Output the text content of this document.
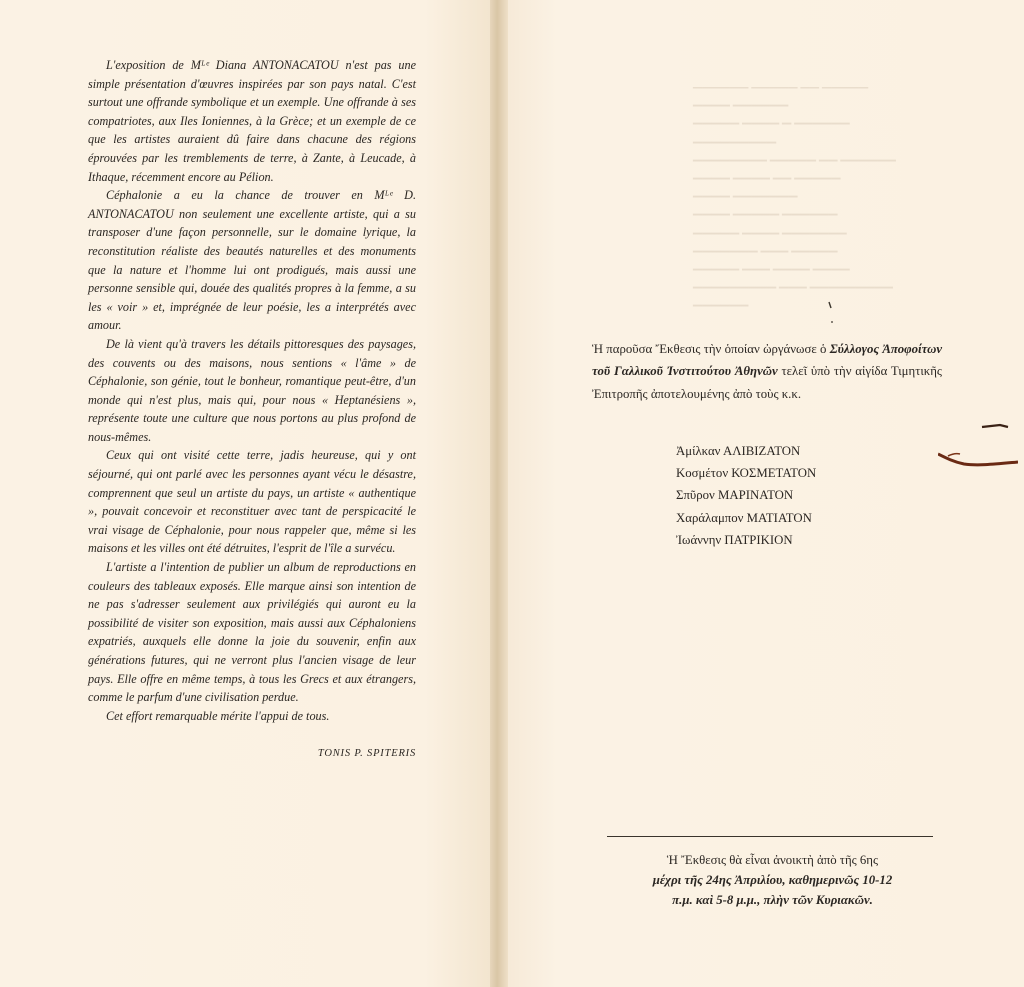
▔▔▔▔▔▔ ▔▔▔▔▔ ▔▔ ▔▔▔▔▔
▔▔▔▔ ▔▔▔▔▔▔
▔▔▔▔▔ ▔▔▔▔ ▔ ▔▔▔▔▔▔
▔▔▔▔▔▔▔▔▔
▔▔▔▔▔▔▔▔ ▔▔▔▔▔ ▔▔ ▔▔▔▔▔▔
▔▔▔▔ ▔▔▔▔ ▔▔ ▔▔▔▔▔
▔▔▔▔ ▔▔▔▔▔▔▔
▔▔▔▔ ▔▔▔▔▔ ▔▔▔▔▔▔
▔▔▔▔▔ ▔▔▔▔ ▔▔▔▔▔▔▔
▔▔▔▔▔▔▔ ▔▔▔ ▔▔▔▔▔
▔▔▔▔▔ ▔▔▔ ▔▔▔▔ ▔▔▔▔
▔▔▔▔▔▔▔▔▔ ▔▔▔ ▔▔▔▔▔▔▔▔▔
▔▔▔▔▔▔

L'exposition de Mᴸᵉ Diana ANTONACATOU n'est pas une simple présentation d'œuvres inspirées par son pays natal. C'est surtout une offrande symbolique et un exemple. Une offrande à ses compatriotes, aux Iles Ioniennes, à la Grèce; et un exemple de ce que les artistes auraient dû faire dans chacune des régions éprouvées par les tremblements de terre, à Zante, à Leucade, à Ithaque, récemment encore au Pélion.

Céphalonie a eu la chance de trouver en Mᴸᵉ D. ANTONACATOU non seulement une excellente artiste, qui a su transposer d'une façon personnelle, sur le domaine lyrique, la reconstitution réaliste des beautés naturelles et des monuments que la nature et l'homme lui ont prodigués, mais aussi une personne sensible qui, douée des qualités propres à la femme, a su les « voir » et, imprégnée de leur poésie, les a interprétés avec amour.

De là vient qu'à travers les détails pittoresques des paysages, des couvents ou des maisons, nous sentions « l'âme » de Céphalonie, son génie, tout le bonheur, romantique peut-être, d'un monde qui n'est plus, mais qui, pour nous « Heptanésiens », représente toute une culture que nous portons au plus profond de nous-mêmes.

Ceux qui ont visité cette terre, jadis heureuse, qui y ont séjourné, qui ont parlé avec les personnes ayant vécu le désastre, comprennent que seul un artiste du pays, un artiste « authentique », pouvait concevoir et reconstituer avec tant de perspicacité le vrai visage de Céphalonie, pour nous rappeler que, même si les maisons et les villes ont été détruites, l'esprit de l'île a survécu.

L'artiste a l'intention de publier un album de reproductions en couleurs des tableaux exposés. Elle marque ainsi son intention de ne pas s'adresser seulement aux privilégiés qui auront eu la possibilité de visiter son exposition, mais aussi aux Céphaloniens expatriés, auxquels elle donne la joie du souvenir, enfin aux générations futures, qui ne verront plus l'ancien visage de leur pays. Elle offre en même temps, à tous les Grecs et aux étrangers, comme le parfum d'une civilisation perdue.

Cet effort remarquable mérite l'appui de tous.

TONIS P. SPITERIS

Ἡ παροῦσα Ἔκθεσις τὴν ὁποίαν ὠργάνωσε ὁ Σύλλογος Ἀποφοίτων τοῦ Γαλλικοῦ Ἰνστιτούτου Ἀθηνῶν τελεῖ ὑπὸ τὴν αἰγίδα Τιμητικῆς Ἐπιτροπῆς ἀποτελουμένης ἀπὸ τοὺς κ.κ.
Ἀμίλκαν ΑΛΙΒΙΖΑΤΟΝ
Κοσμέτον ΚΟΣΜΕΤΑΤΟΝ
Σπῦρον ΜΑΡΙΝΑΤΟΝ
Χαράλαμπον ΜΑΤΙΑΤΟΝ
Ἰωάννην ΠΑΤΡΙΚΙΟΝ
Ἡ Ἔκθεσις θὰ εἶναι ἀνοικτὴ ἀπὸ τῆς 6ης
μέχρι τῆς 24ης Ἀπριλίου, καθημερινῶς 10-12
π.μ. καὶ 5-8 μ.μ., πλὴν τῶν Κυριακῶν.
